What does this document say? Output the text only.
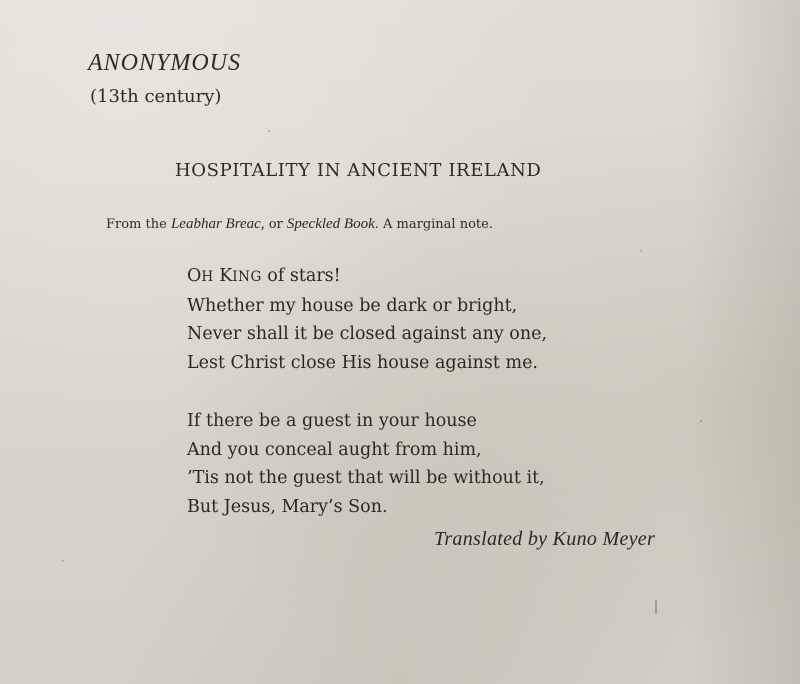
ANONYMOUS
(13th century)
HOSPITALITY IN ANCIENT IRELAND
From the Leabhar Breac, or Speckled Book. A marginal note.
OH KING of stars!
Whether my house be dark or bright,
Never shall it be closed against any one,
Lest Christ close His house against me.
If there be a guest in your house
And you conceal aught from him,
’Tis not the guest that will be without it,
But Jesus, Mary’s Son.
Translated by Kuno Meyer
